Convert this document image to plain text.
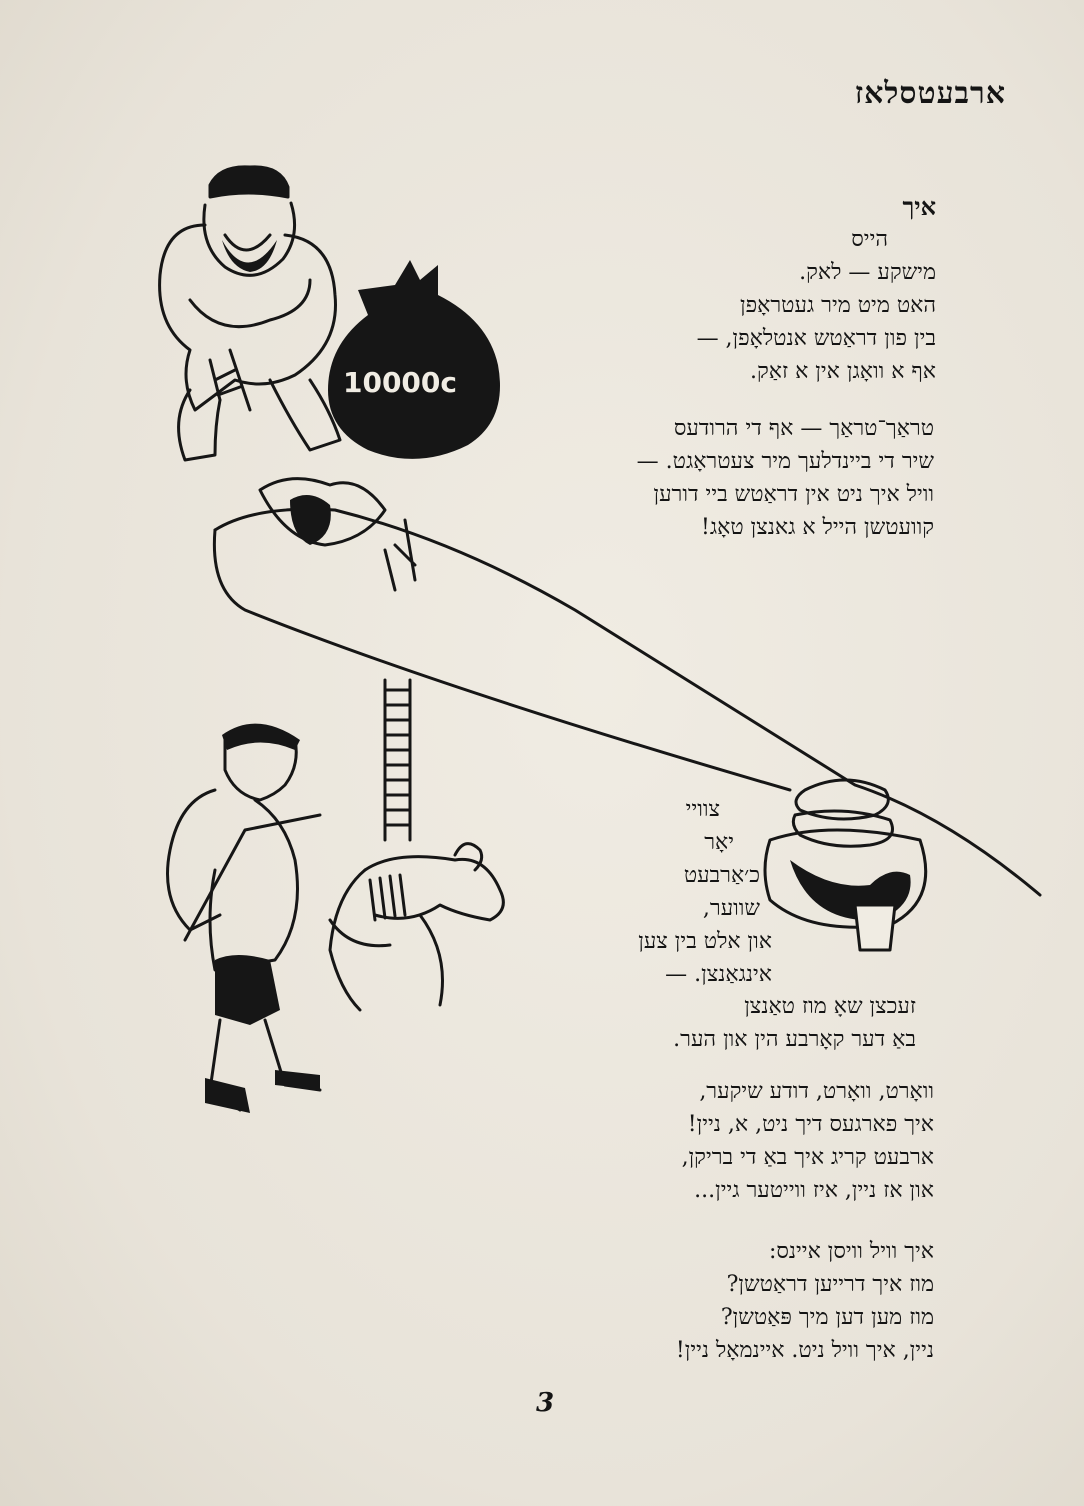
10000c
ארבעטסלאז
איך
הייס
מישקע — לאק.
האט מיט מיר געטראָפן
בין פון דראַטש אנטלאָפן, —
אף א וואָגן אין א זאַק.
טראַך־טראַך — אף די הרודעס
שיר די ביינדלעך מיר צעטראָגט. —
וויל איך ניט אין דראַטש ביי דורען
קוועטשן הייל א גאנצן טאָג!
צוויי
יאָר
כ׳אַרבעט
שווער,
און אלט בין צען
אינגאַנצן. —
זעכצן שאָ מוז טאַנצן
באַ דער קאָרבע הין און הער.
וואָרט, וואָרט, דודע שיקער,
איך פארגעס דיך ניט, א, ניין!
ארבעט קריג איך באַ די בריקן,
און אז ניין, איז ווייטער גיין...
איך וויל וויסן איינס:
מוז איך דרייען דראַטשן?
מוז מען דען מיך פּאַטשן?
ניין, איך וויל ניט. איינמאָל ניין!
3
